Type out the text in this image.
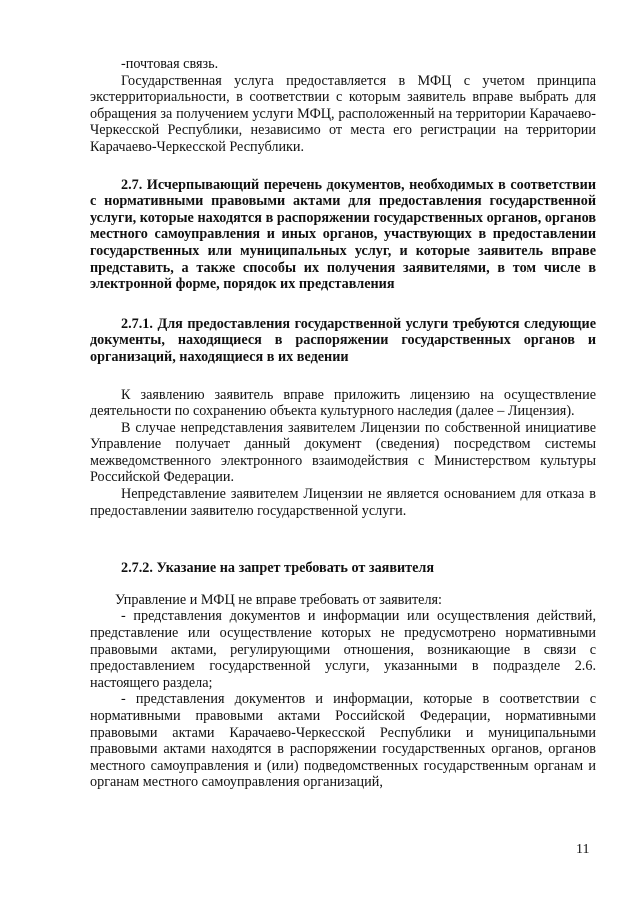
-почтовая связь.

Государственная услуга предоставляется в МФЦ с учетом принципа экстерриториальности, в соответствии с которым заявитель вправе выбрать для обращения за получением услуги МФЦ, расположенный на территории Карачаево-Черкесской Республики, независимо от места его регистрации на территории Карачаево-Черкесской Республики.

2.7. Исчерпывающий перечень документов, необходимых в соответствии с нормативными правовыми актами для предоставления государственной услуги, которые находятся в распоряжении государственных органов, органов местного самоуправления и иных органов, участвующих в предоставлении государственных или муниципальных услуг, и которые заявитель вправе представить, а также способы их получения заявителями, в том числе в электронной форме, порядок их представления

2.7.1. Для предоставления государственной услуги требуются следующие документы, находящиеся в распоряжении государственных органов и организаций, находящиеся в их ведении

К заявлению заявитель вправе приложить лицензию на осуществление деятельности по сохранению объекта культурного наследия (далее – Лицензия).

В случае непредставления заявителем Лицензии по собственной инициативе Управление получает данный документ (сведения) посредством системы межведомственного электронного взаимодействия с Министерством культуры Российской Федерации.

Непредставление заявителем Лицензии не является основанием для отказа в предоставлении заявителю государственной услуги.

2.7.2. Указание на запрет требовать от заявителя

Управление и МФЦ не вправе требовать от заявителя:

- представления документов и информации или осуществления действий, представление или осуществление которых не предусмотрено нормативными правовыми актами, регулирующими отношения, возникающие в связи с предоставлением государственной услуги, указанными в подразделе 2.6. настоящего раздела;

- представления документов и информации, которые в соответствии с нормативными правовыми актами Российской Федерации, нормативными правовыми актами Карачаево-Черкесской Республики и муниципальными правовыми актами находятся в распоряжении государственных органов, органов местного самоуправления и (или) подведомственных государственным органам и органам местного самоуправления организаций,

11
